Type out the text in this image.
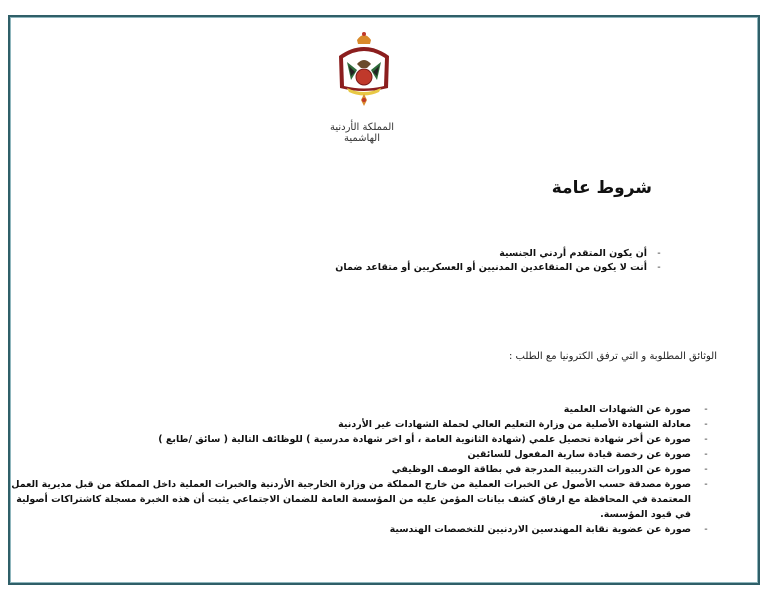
المملكة الأردنية الهاشمية
شروط عامة
-
أن يكون المتقدم أردني الجنسية
-
أنت لا يكون من المتقاعدين المدنيين أو العسكريين أو متقاعد ضمان
الوثائق المطلوبة و التي ترفق الكترونيا مع الطلب :
-
صورة عن الشهادات العلمية
-
معادلة الشهادة الأصلية من وزارة التعليم العالي لحملة الشهادات غير الأردنية
-
صورة عن أخر شهادة تحصيل علمي (شهادة الثانوية العامة ، أو اخر شهادة مدرسية ) للوظائف التالية ( سائق /طابع )
-
صورة عن رخصة قيادة سارية المفعول للسائقين
-
صورة عن الدورات التدريبية المدرجة في بطاقة الوصف الوظيفي
-
صورة مصدقة حسب الأصول عن الخبرات العملية من خارج المملكة من وزارة الخارجية الأردنية والخبرات العملية داخل المملكة من قبل مديرية العمل المعتمدة في المحافظة مع ارفاق كشف بيانات المؤمن عليه من المؤسسة العامة للضمان الاجتماعي يثبت أن هذه الخبرة مسجلة كاشتراكات أصولية في قيود المؤسسة.
-
صورة عن عضوية نقابة المهندسين الاردنيين للتخصصات الهندسية
